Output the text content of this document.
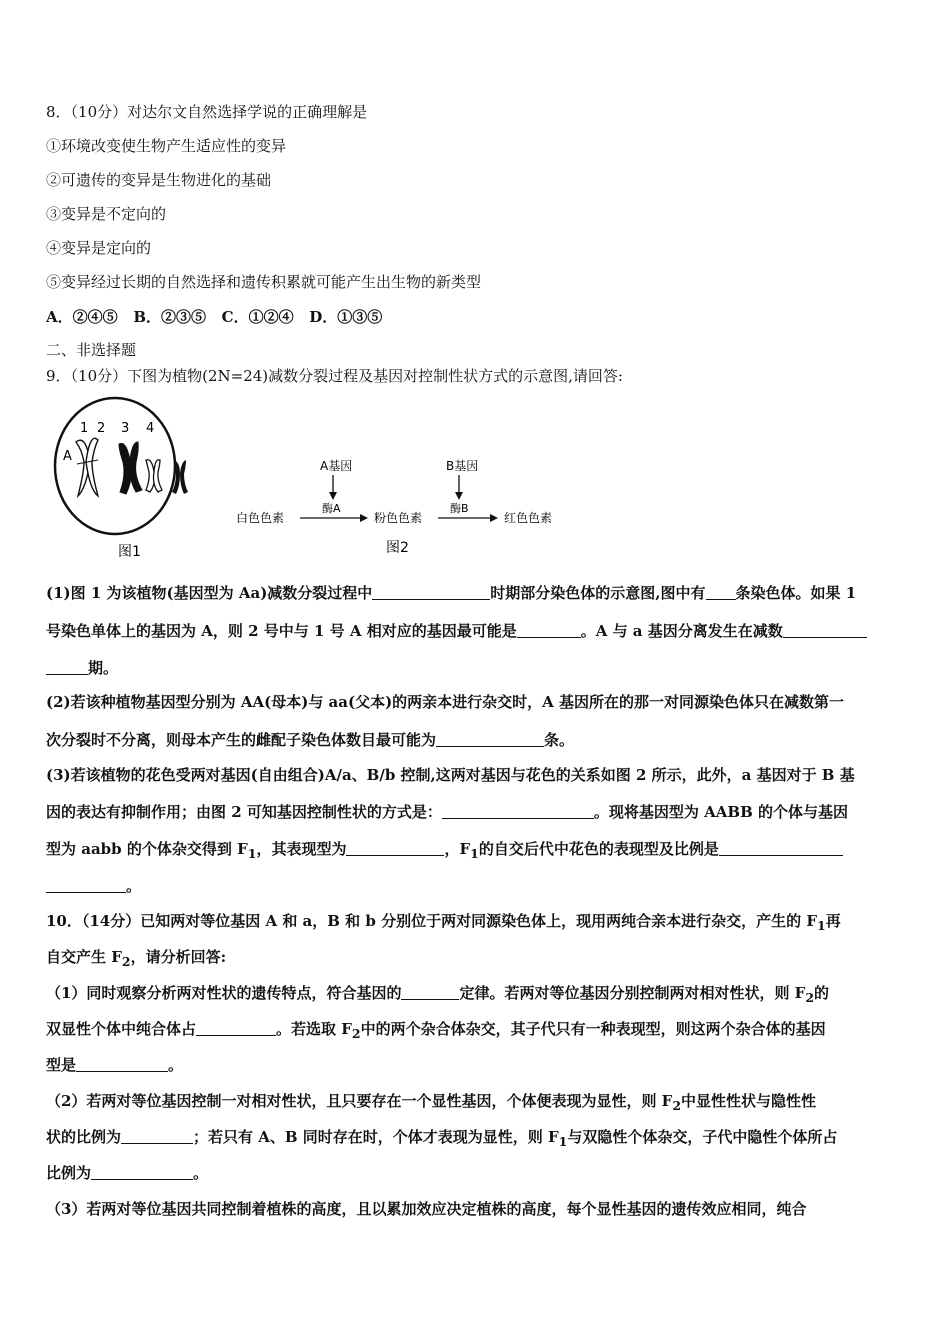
8．（10分）对达尔文自然选择学说的正确理解是
①环境改变使生物产生适应性的变异
②可遗传的变异是生物进化的基础
③变异是不定向的
④变异是定向的
⑤变异经过长期的自然选择和遗传积累就可能产生出生物的新类型
A．②④⑤ B．②③⑤ C．①②④ D．①③⑤
二、非选择题
9．（10分）下图为植物(2N=24)减数分裂过程及基因对控制性状方式的示意图,请回答:
1 2 3 4
A
图1
A基因	B基因
白色色素
酶A
粉色色素
酶B
红色色素
图2
(1)图 1 为该植物(基因型为 Aa)减数分裂过程中	时期部分染色体的示意图,图中有 条染色体。如果 1
号染色单体上的基因为 A，则 2 号中与 1 号 A 相对应的基因最可能是	。A 与 a 基因分离发生在减数
期。
(2)若该种植物基因型分别为 AA(母本)与 aa(父本)的两亲本进行杂交时，A 基因所在的那一对同源染色体只在减数第一
次分裂时不分离，则母本产生的雌配子染色体数目最可能为	条。
(3)若该植物的花色受两对基因(自由组合)A/a、B/b 控制,这两对基因与花色的关系如图 2 所示，此外，a 基因对于 B 基
因的表达有抑制作用；由图 2 可知基因控制性状的方式是：	。现将基因型为 AABB 的个体与基因
型为 aabb 的个体杂交得到 $F_1$，其表现型为	，$F_1$的自交后代中花色的表现型及比例是
。
10．（14分）已知两对等位基因 A 和 a，B 和 b 分别位于两对同源染色体上，现用两纯合亲本进行杂交，产生的 $F_1$再
自交产生 $F_2$，请分析回答:
（1）同时观察分析两对性状的遗传特点，符合基因的	定律。若两对等位基因分别控制两对相对性状，则 $F_2$的
双显性个体中纯合体占	。若选取 $F_2$中的两个杂合体杂交，其子代只有一种表现型，则这两个杂合体的基因
型是	。
（2）若两对等位基因控制一对相对性状，且只要存在一个显性基因，个体便表现为显性，则 $F_2$中显性性状与隐性性
状的比例为	；若只有 A、B 同时存在时，个体才表现为显性，则 $F_1$与双隐性个体杂交，子代中隐性个体所占
比例为	。
（3）若两对等位基因共同控制着植株的高度，且以累加效应决定植株的高度，每个显性基因的遗传效应相同，纯合
